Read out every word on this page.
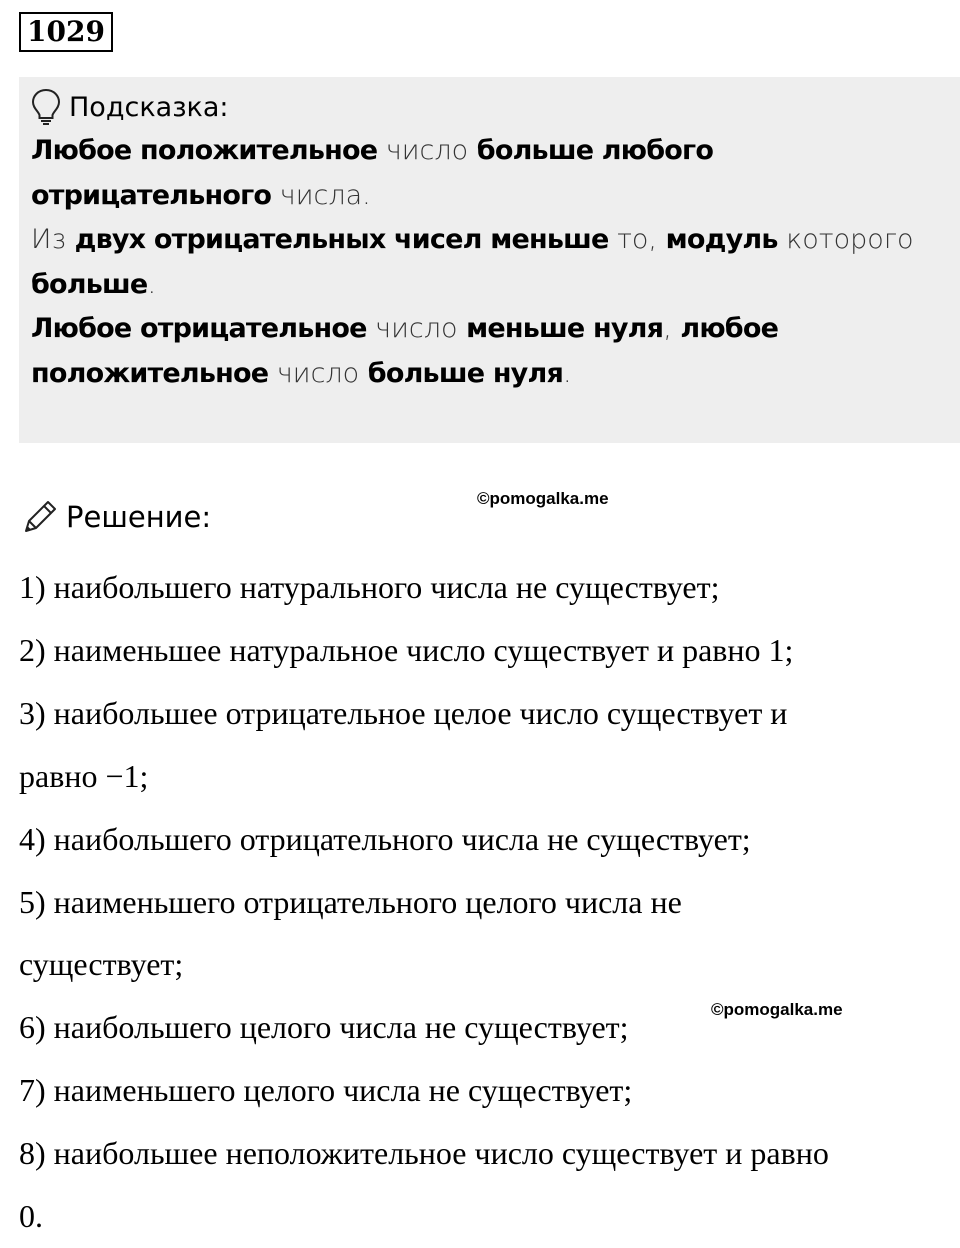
1029
Подсказка:
Любое положительное число больше любого
отрицательного числа.
Из двух отрицательных чисел меньше то, модуль которого
больше.
Любое отрицательное число меньше нуля, любое
положительное число больше нуля.
©pomogalka.me
Решение:
1) наибольшего натурального числа не существует;
2) наименьшее натуральное число существует и равно 1;
3) наибольшее отрицательное целое число существует и
равно −1;
4) наибольшего отрицательного числа не существует;
5) наименьшего отрицательного целого числа не
существует;
6) наибольшего целого числа не существует;
7) наименьшего целого числа не существует;
8) наибольшее неположительное число существует и равно
0.
©pomogalka.me
